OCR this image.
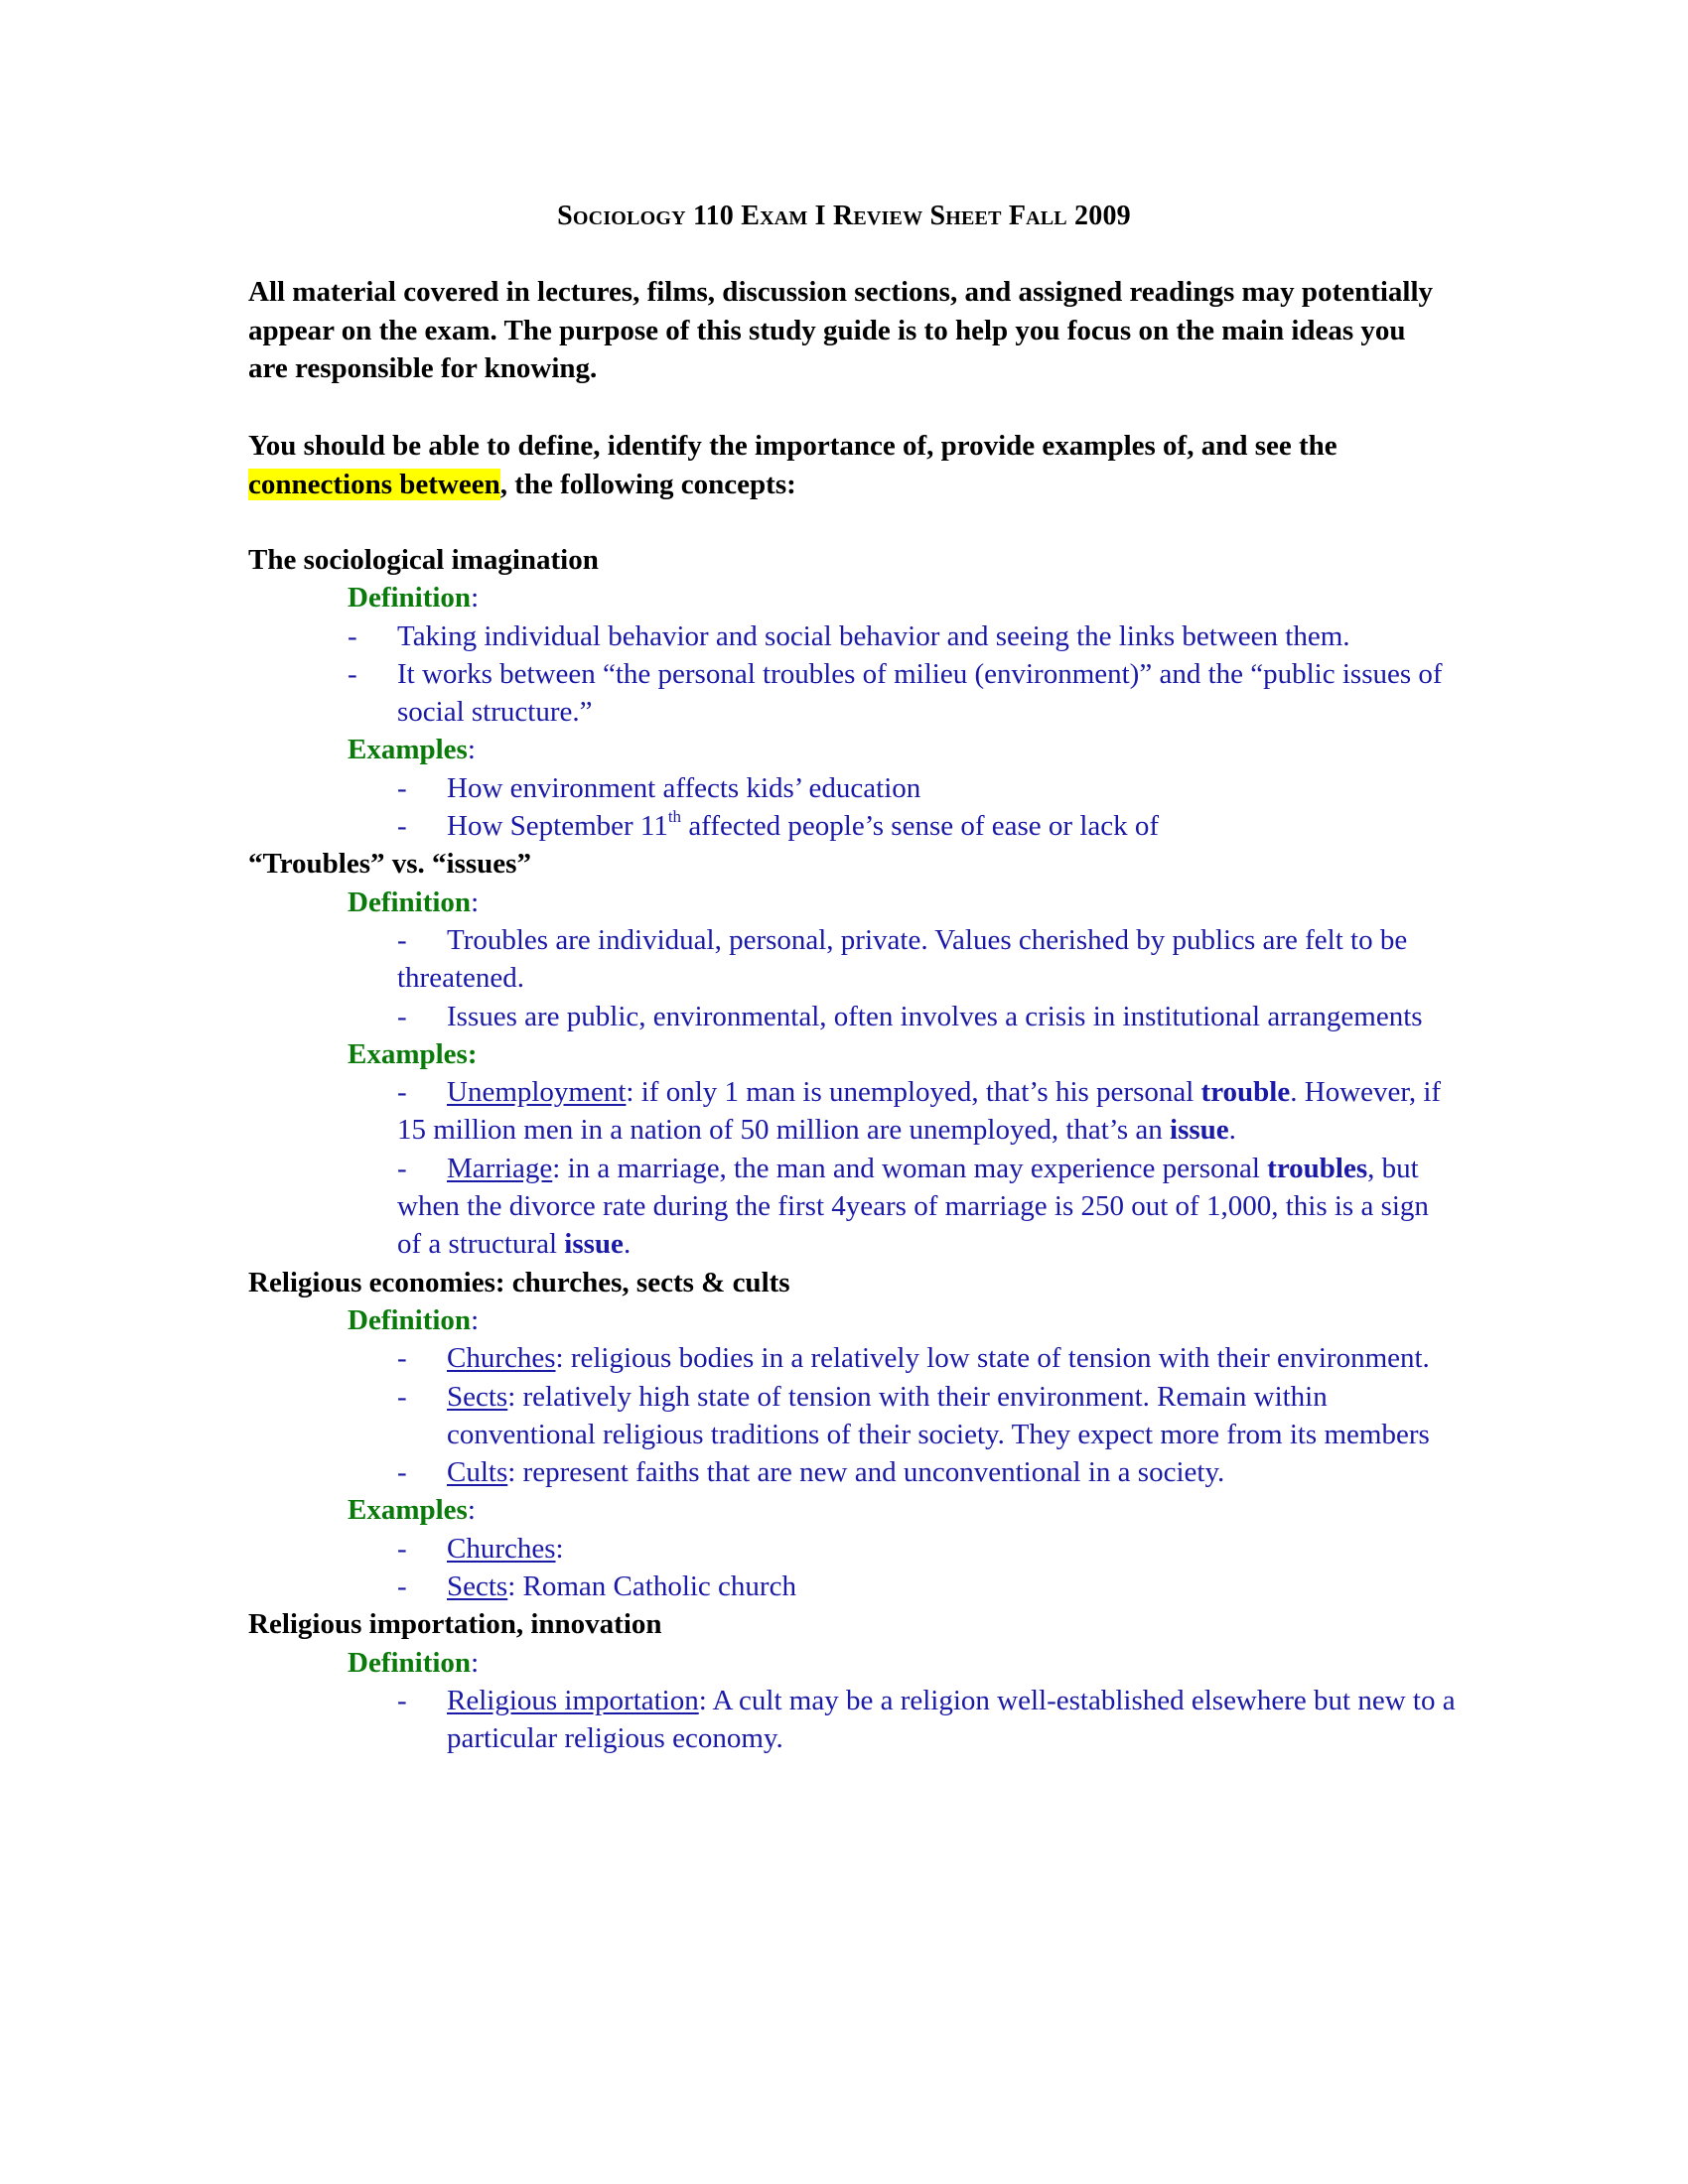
Sociology 110 Exam I Review Sheet Fall 2009
All material covered in lectures, films, discussion sections, and assigned readings may potentially appear on the exam. The purpose of this study guide is to help you focus on the main ideas you are responsible for knowing.
You should be able to define, identify the importance of, provide examples of, and see the connections between, the following concepts:
The sociological imagination
Definition:
- Taking individual behavior and social behavior and seeing the links between them.
- It works between “the personal troubles of milieu (environment)” and the “public issues of social structure.”
Examples:
- How environment affects kids’ education
- How September 11th affected people’s sense of ease or lack of
“Troubles” vs. “issues”
Definition:
- Troubles are individual, personal, private. Values cherished by publics are felt to be threatened.
- Issues are public, environmental, often involves a crisis in institutional arrangements
Examples:
- Unemployment: if only 1 man is unemployed, that’s his personal trouble. However, if 15 million men in a nation of 50 million are unemployed, that’s an issue.
- Marriage: in a marriage, the man and woman may experience personal troubles, but when the divorce rate during the first 4years of marriage is 250 out of 1,000, this is a sign of a structural issue.
Religious economies: churches, sects & cults
Definition:
- Churches: religious bodies in a relatively low state of tension with their environment.
- Sects: relatively high state of tension with their environment. Remain within conventional religious traditions of their society. They expect more from its members
- Cults: represent faiths that are new and unconventional in a society.
Examples:
- Churches:
- Sects: Roman Catholic church
Religious importation, innovation
Definition:
- Religious importation: A cult may be a religion well-established elsewhere but new to a particular religious economy.
